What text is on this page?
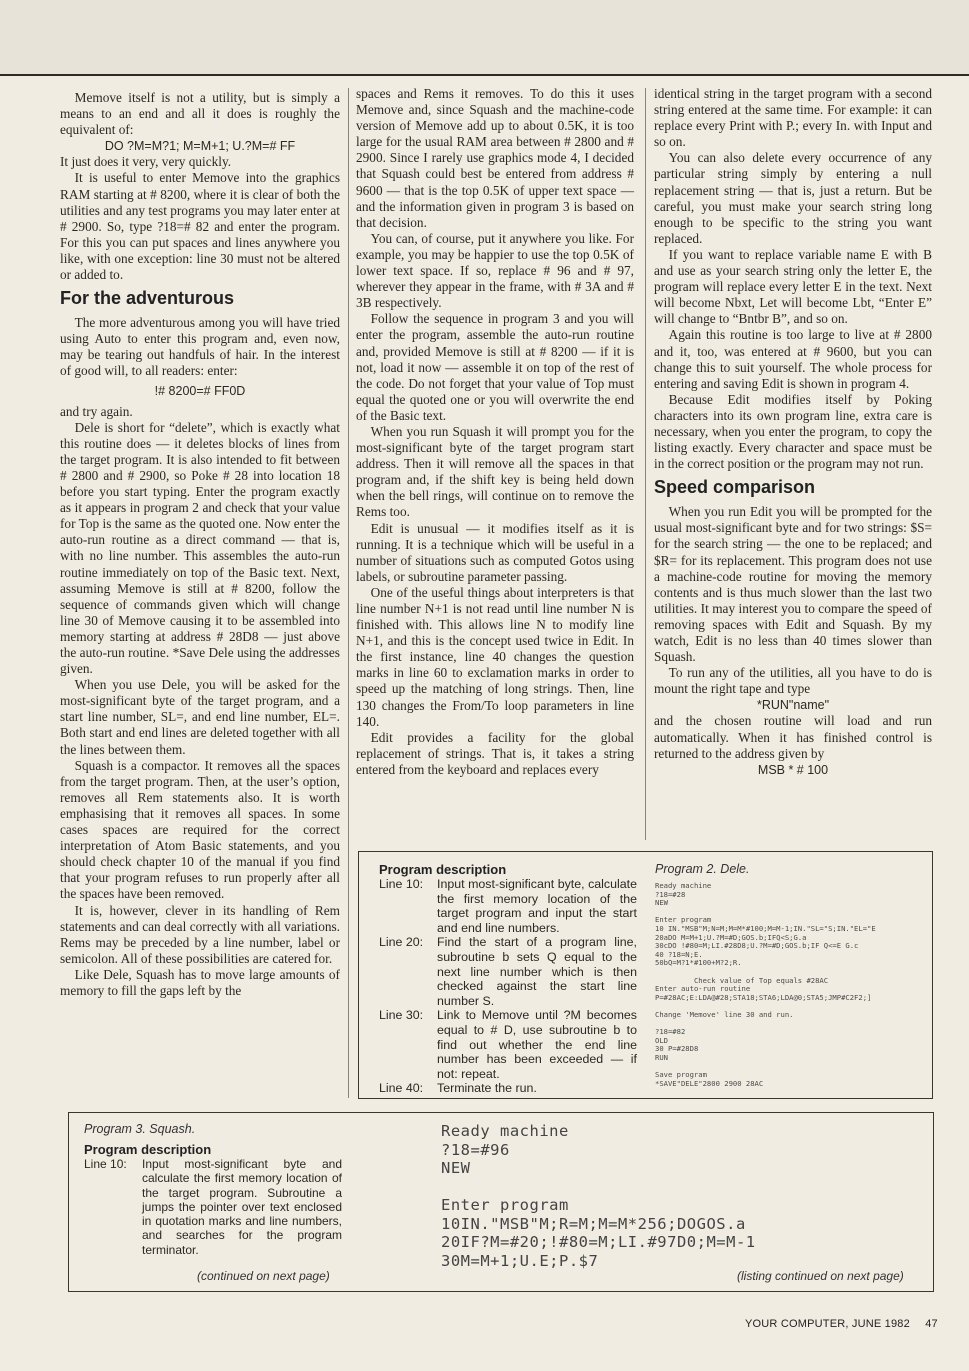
Memove itself is not a utility, but is simply a means to an end and all it does is roughly the equivalent of:

DO ?M=M?1; M=M+1; U.?M=# FF

It just does it very, very quickly.

It is useful to enter Memove into the graphics RAM starting at # 8200, where it is clear of both the utilities and any test programs you may later enter at # 2900. So, type ?18=# 82 and enter the program. For this you can put spaces and lines anywhere you like, with one exception: line 30 must not be altered or added to.

For the adventurous

The more adventurous among you will have tried using Auto to enter this program and, even now, may be tearing out handfuls of hair. In the interest of good will, to all readers: enter:

!# 8200=# FF0D

and try again.

Dele is short for “delete”, which is exactly what this routine does — it deletes blocks of lines from the target program. It is also intended to fit between # 2800 and # 2900, so Poke # 28 into location 18 before you start typing. Enter the program exactly as it appears in program 2 and check that your value for Top is the same as the quoted one. Now enter the auto-run routine as a direct command — that is, with no line number. This assembles the auto-run routine immediately on top of the Basic text. Next, assuming Memove is still at # 8200, follow the sequence of commands given which will change line 30 of Memove causing it to be assembled into memory starting at address # 28D8 — just above the auto-run routine. *Save Dele using the addresses given.

When you use Dele, you will be asked for the most-significant byte of the target program, and a start line number, SL=, and end line number, EL=. Both start and end lines are deleted together with all the lines between them.

Squash is a compactor. It removes all the spaces from the target program. Then, at the user’s option, removes all Rem statements also. It is worth emphasising that it removes all spaces. In some cases spaces are required for the correct interpretation of Atom Basic statements, and you should check chapter 10 of the manual if you find that your program refuses to run properly after all the spaces have been removed.

It is, however, clever in its handling of Rem statements and can deal correctly with all variations. Rems may be preceded by a line number, label or semicolon. All of these possibilities are catered for.

Like Dele, Squash has to move large amounts of memory to fill the gaps left by the

spaces and Rems it removes. To do this it uses Memove and, since Squash and the machine-code version of Memove add up to about 0.5K, it is too large for the usual RAM area between # 2800 and # 2900. Since I rarely use graphics mode 4, I decided that Squash could best be entered from address # 9600 — that is the top 0.5K of upper text space — and the information given in program 3 is based on that decision.

You can, of course, put it anywhere you like. For example, you may be happier to use the top 0.5K of lower text space. If so, replace # 96 and # 97, wherever they appear in the frame, with # 3A and # 3B respectively.

Follow the sequence in program 3 and you will enter the program, assemble the auto-run routine and, provided Memove is still at # 8200 — if it is not, load it now — assemble it on top of the rest of the code. Do not forget that your value of Top must equal the quoted one or you will overwrite the end of the Basic text.

When you run Squash it will prompt you for the most-significant byte of the target program start address. Then it will remove all the spaces in that program and, if the shift key is being held down when the bell rings, will continue on to remove the Rems too.

Edit is unusual — it modifies itself as it is running. It is a technique which will be useful in a number of situations such as computed Gotos using labels, or subroutine parameter passing.

One of the useful things about interpreters is that line number N+1 is not read until line number N is finished with. This allows line N to modify line N+1, and this is the concept used twice in Edit. In the first instance, line 40 changes the question marks in line 60 to exclamation marks in order to speed up the matching of long strings. Then, line 130 changes the From/To loop parameters in line 140.

Edit provides a facility for the global replacement of strings. That is, it takes a string entered from the keyboard and replaces every

identical string in the target program with a second string entered at the same time. For example: it can replace every Print with P.; every In. with Input and so on.

You can also delete every occurrence of any particular string simply by entering a null replacement string — that is, just a return. But be careful, you must make your search string long enough to be specific to the string you want replaced.

If you want to replace variable name E with B and use as your search string only the letter E, the program will replace every letter E in the text. Next will become Nbxt, Let will become Lbt, “Enter E” will change to “Bntbr B”, and so on.

Again this routine is too large to live at # 2800 and it, too, was entered at # 9600, but you can change this to suit yourself. The whole process for entering and saving Edit is shown in program 4.

Because Edit modifies itself by Poking characters into its own program line, extra care is necessary, when you enter the program, to copy the listing exactly. Every character and space must be in the correct position or the program may not run.

Speed comparison

When you run Edit you will be prompted for the usual most-significant byte and for two strings: $S= for the search string — the one to be replaced; and $R= for its replacement. This program does not use a machine-code routine for moving the memory contents and is thus much slower than the last two utilities. It may interest you to compare the speed of removing spaces with Edit and Squash. By my watch, Edit is no less than 40 times slower than Squash.

To run any of the utilities, all you have to do is mount the right tape and type

*RUN"name"

and the chosen routine will load and run automatically. When it has finished control is returned to the address given by

MSB * # 100

Program description
Line 10:	Input most-significant byte, calculate the first memory location of the target program and input the start and end line numbers.
Line 20:	Find the start of a program line, subroutine b sets Q equal to the next line number which is then checked against the start line number S.
Line 30:	Link to Memove until ?M becomes equal to # D, use subroutine b to find out whether the end line number has been exceeded — if not: repeat.
Line 40:	Terminate the run.
Program 2. Dele.
Ready machine
?18=#28
NEW

Enter program
10 IN."MSB"M;N=M;M=M*#100;M=M-1;IN."SL="S;IN."EL="E
20aDO M=M+1;U.?M=#D;GOS.b;IFQ<S;G.a
30cDO !#80=M;LI.#28D8;U.?M=#D;GOS.b;IF Q<=E G.c
40 ?18=N;E.
50bQ=M?1*#100+M?2;R.

Check value of Top equals #28AC
Enter auto-run routine
P=#28AC;E:LDA@#28;STA18;STA6;LDA@0;STA5;JMP#C2F2;]

Change 'Memove' line 30 and run.

?18=#82
OLD
30 P=#28D8
RUN

Save program
*SAVE"DELE"2800 2900 28AC
Program 3. Squash.
Program description
Line 10:	Input most-significant byte and calculate the first memory location of the target program. Subroutine a jumps the pointer over text enclosed in quotation marks and line numbers, and searches for the program terminator.
(continued on next page)
Ready machine
?18=#96
NEW

Enter program
10IN."MSB"M;R=M;M=M*256;DOGOS.a
20IF?M=#20;!#80=M;LI.#97D0;M=M-1
30M=M+1;U.E;P.$7
(listing continued on next page)
YOUR COMPUTER, JUNE 1982 47
